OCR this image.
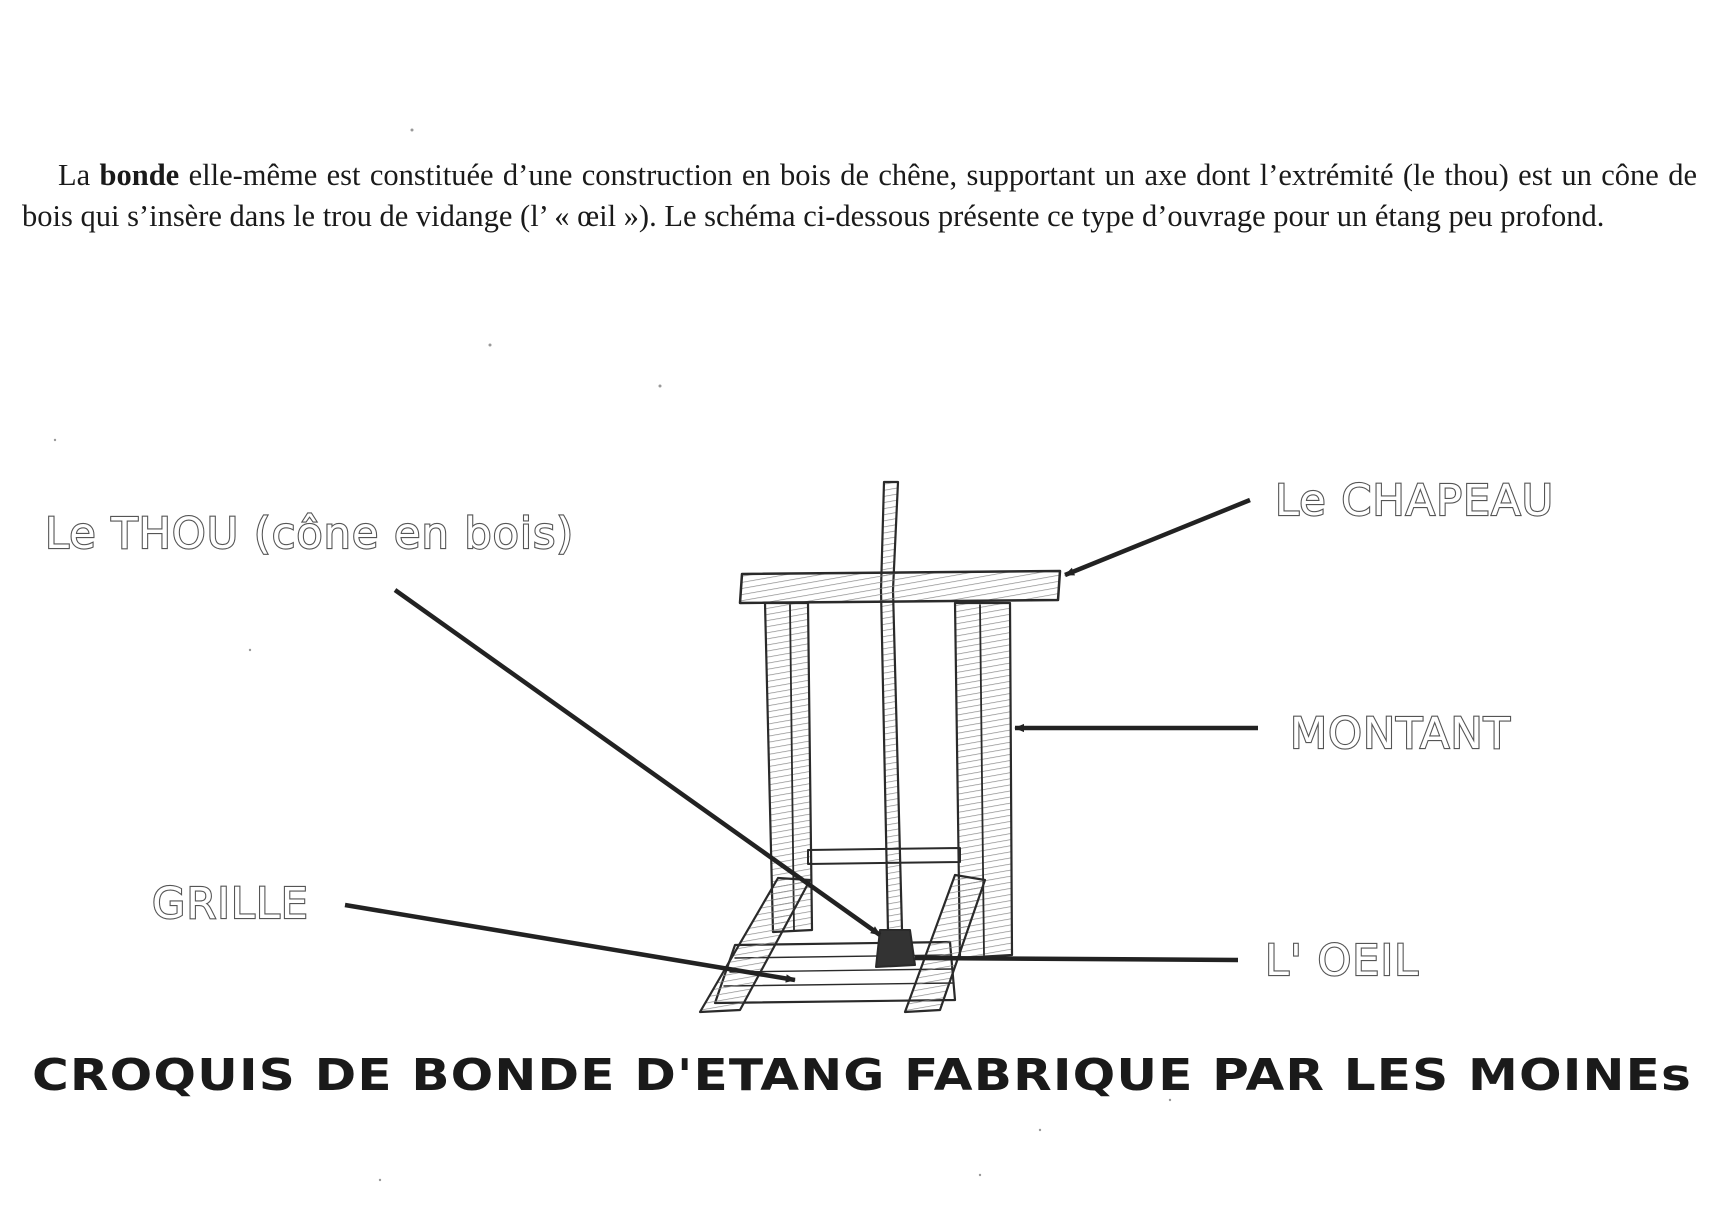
La bonde elle-même est constituée d’une construction en bois de chêne, supportant un axe dont l’extrémité (le thou) est un cône de bois qui s’insère dans le trou de vidange (l’ « œil »). Le schéma ci-dessous présente ce type d’ouvrage pour un étang peu profond.

Le THOU (cône en bois)
Le CHAPEAU
MONTANT
GRILLE
L' OEIL
CROQUIS DE BONDE D'ETANG FABRIQUE PAR LES MOINEs
